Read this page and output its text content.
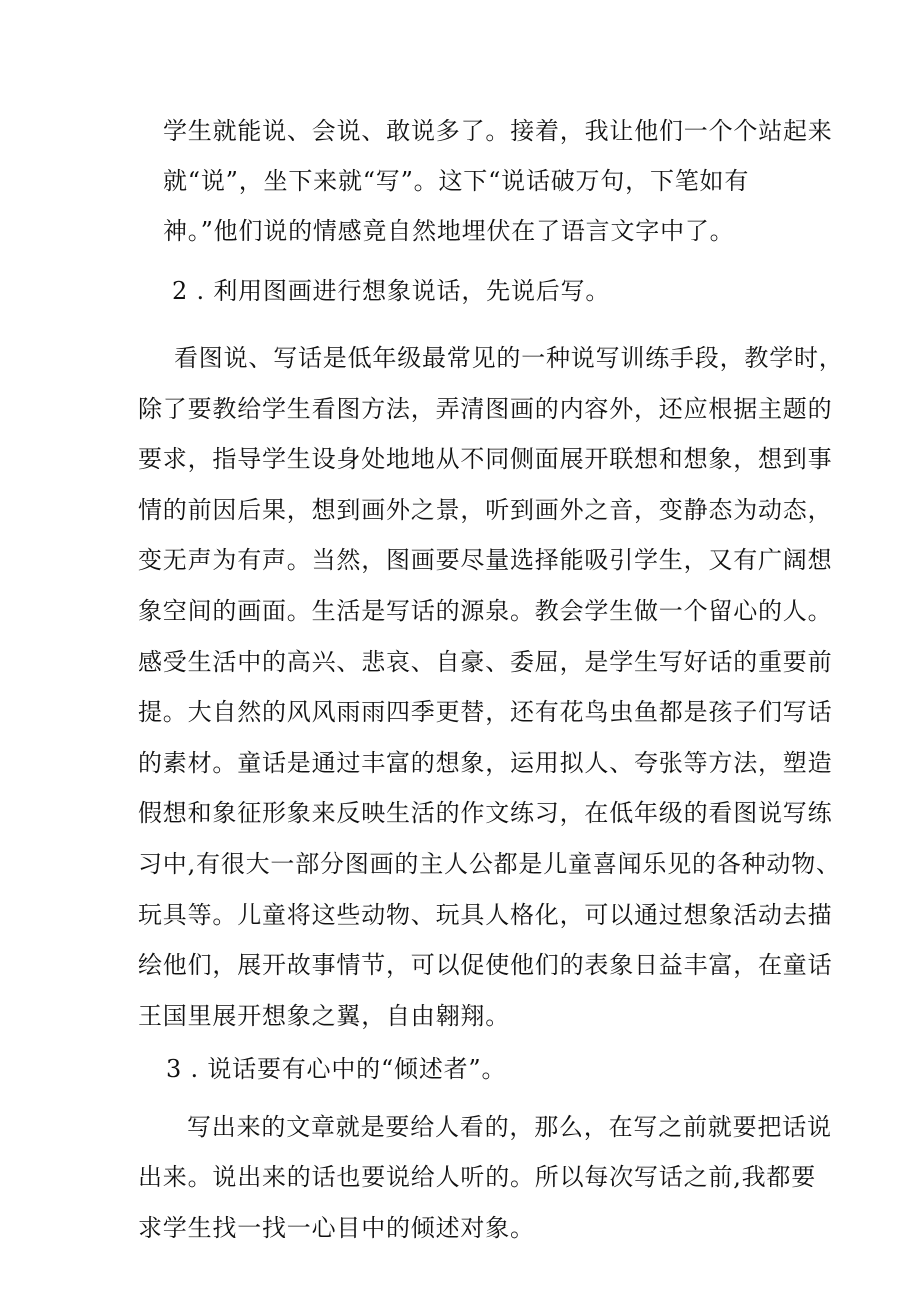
学生就能说、会说、敢说多了。接着，我让他们一个个站起来
就“说”，坐下来就“写”。这下“说话破万句，下笔如有
神。”他们说的情感竟自然地埋伏在了语言文字中了。
2 . 利用图画进行想象说话，先说后写。
看图说、写话是低年级最常见的一种说写训练手段，教学时，
除了要教给学生看图方法，弄清图画的内容外，还应根据主题的
要求，指导学生设身处地地从不同侧面展开联想和想象，想到事
情的前因后果，想到画外之景，听到画外之音，变静态为动态，
变无声为有声。当然，图画要尽量选择能吸引学生，又有广阔想
象空间的画面。生活是写话的源泉。教会学生做一个留心的人。
感受生活中的高兴、悲哀、自豪、委屈，是学生写好话的重要前
提。大自然的风风雨雨四季更替，还有花鸟虫鱼都是孩子们写话
的素材。童话是通过丰富的想象，运用拟人、夸张等方法，塑造
假想和象征形象来反映生活的作文练习，在低年级的看图说写练
习中,有很大一部分图画的主人公都是儿童喜闻乐见的各种动物、
玩具等。儿童将这些动物、玩具人格化，可以通过想象活动去描
绘他们，展开故事情节，可以促使他们的表象日益丰富，在童话
王国里展开想象之翼，自由翱翔。
3 . 说话要有心中的“倾述者”。
写出来的文章就是要给人看的，那么，在写之前就要把话说
出来。说出来的话也要说给人听的。所以每次写话之前,我都要
求学生找一找一心目中的倾述对象。
